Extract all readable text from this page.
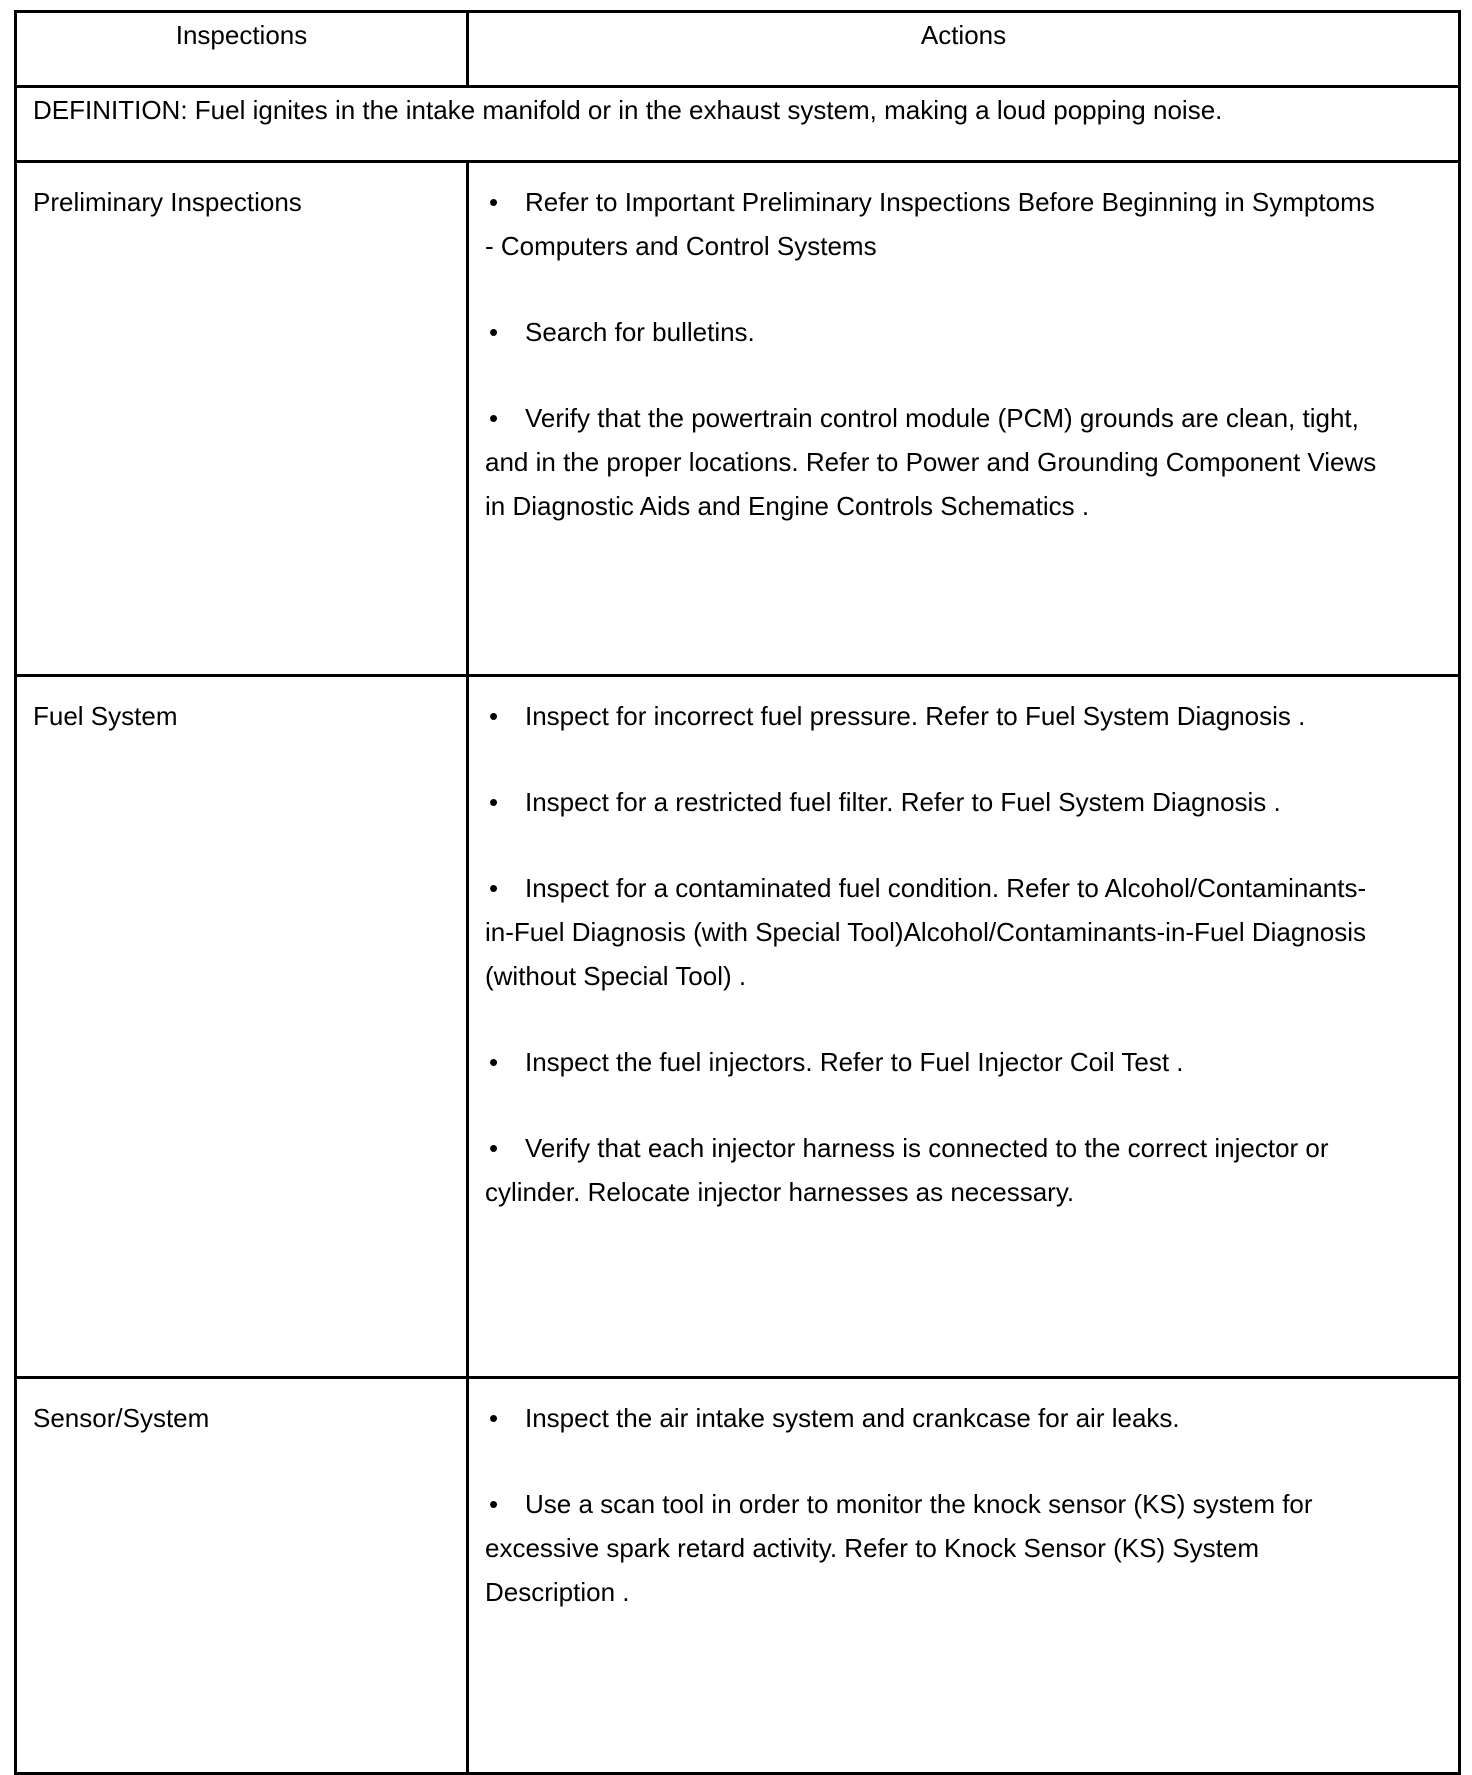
Inspections	Actions
DEFINITION: Fuel ignites in the intake manifold or in the exhaust system, making a loud popping noise.	
Preliminary Inspections	• Refer to Important Preliminary Inspections Before Beginning in Symptoms - Computers and Control Systems
• Search for bulletins.
• Verify that the powertrain control module (PCM) grounds are clean, tight, and in the proper locations. Refer to Power and Grounding Component Views in Diagnostic Aids and Engine Controls Schematics .

Fuel System	• Inspect for incorrect fuel pressure. Refer to Fuel System Diagnosis .
• Inspect for a restricted fuel filter. Refer to Fuel System Diagnosis .
• Inspect for a contaminated fuel condition. Refer to Alcohol/Contaminants-in-Fuel Diagnosis (with Special Tool)Alcohol/Contaminants-in-Fuel Diagnosis (without Special Tool) .
• Inspect the fuel injectors. Refer to Fuel Injector Coil Test .
• Verify that each injector harness is connected to the correct injector or cylinder. Relocate injector harnesses as necessary.

Sensor/System	• Inspect the air intake system and crankcase for air leaks.
• Use a scan tool in order to monitor the knock sensor (KS) system for excessive spark retard activity. Refer to Knock Sensor (KS) System Description .
